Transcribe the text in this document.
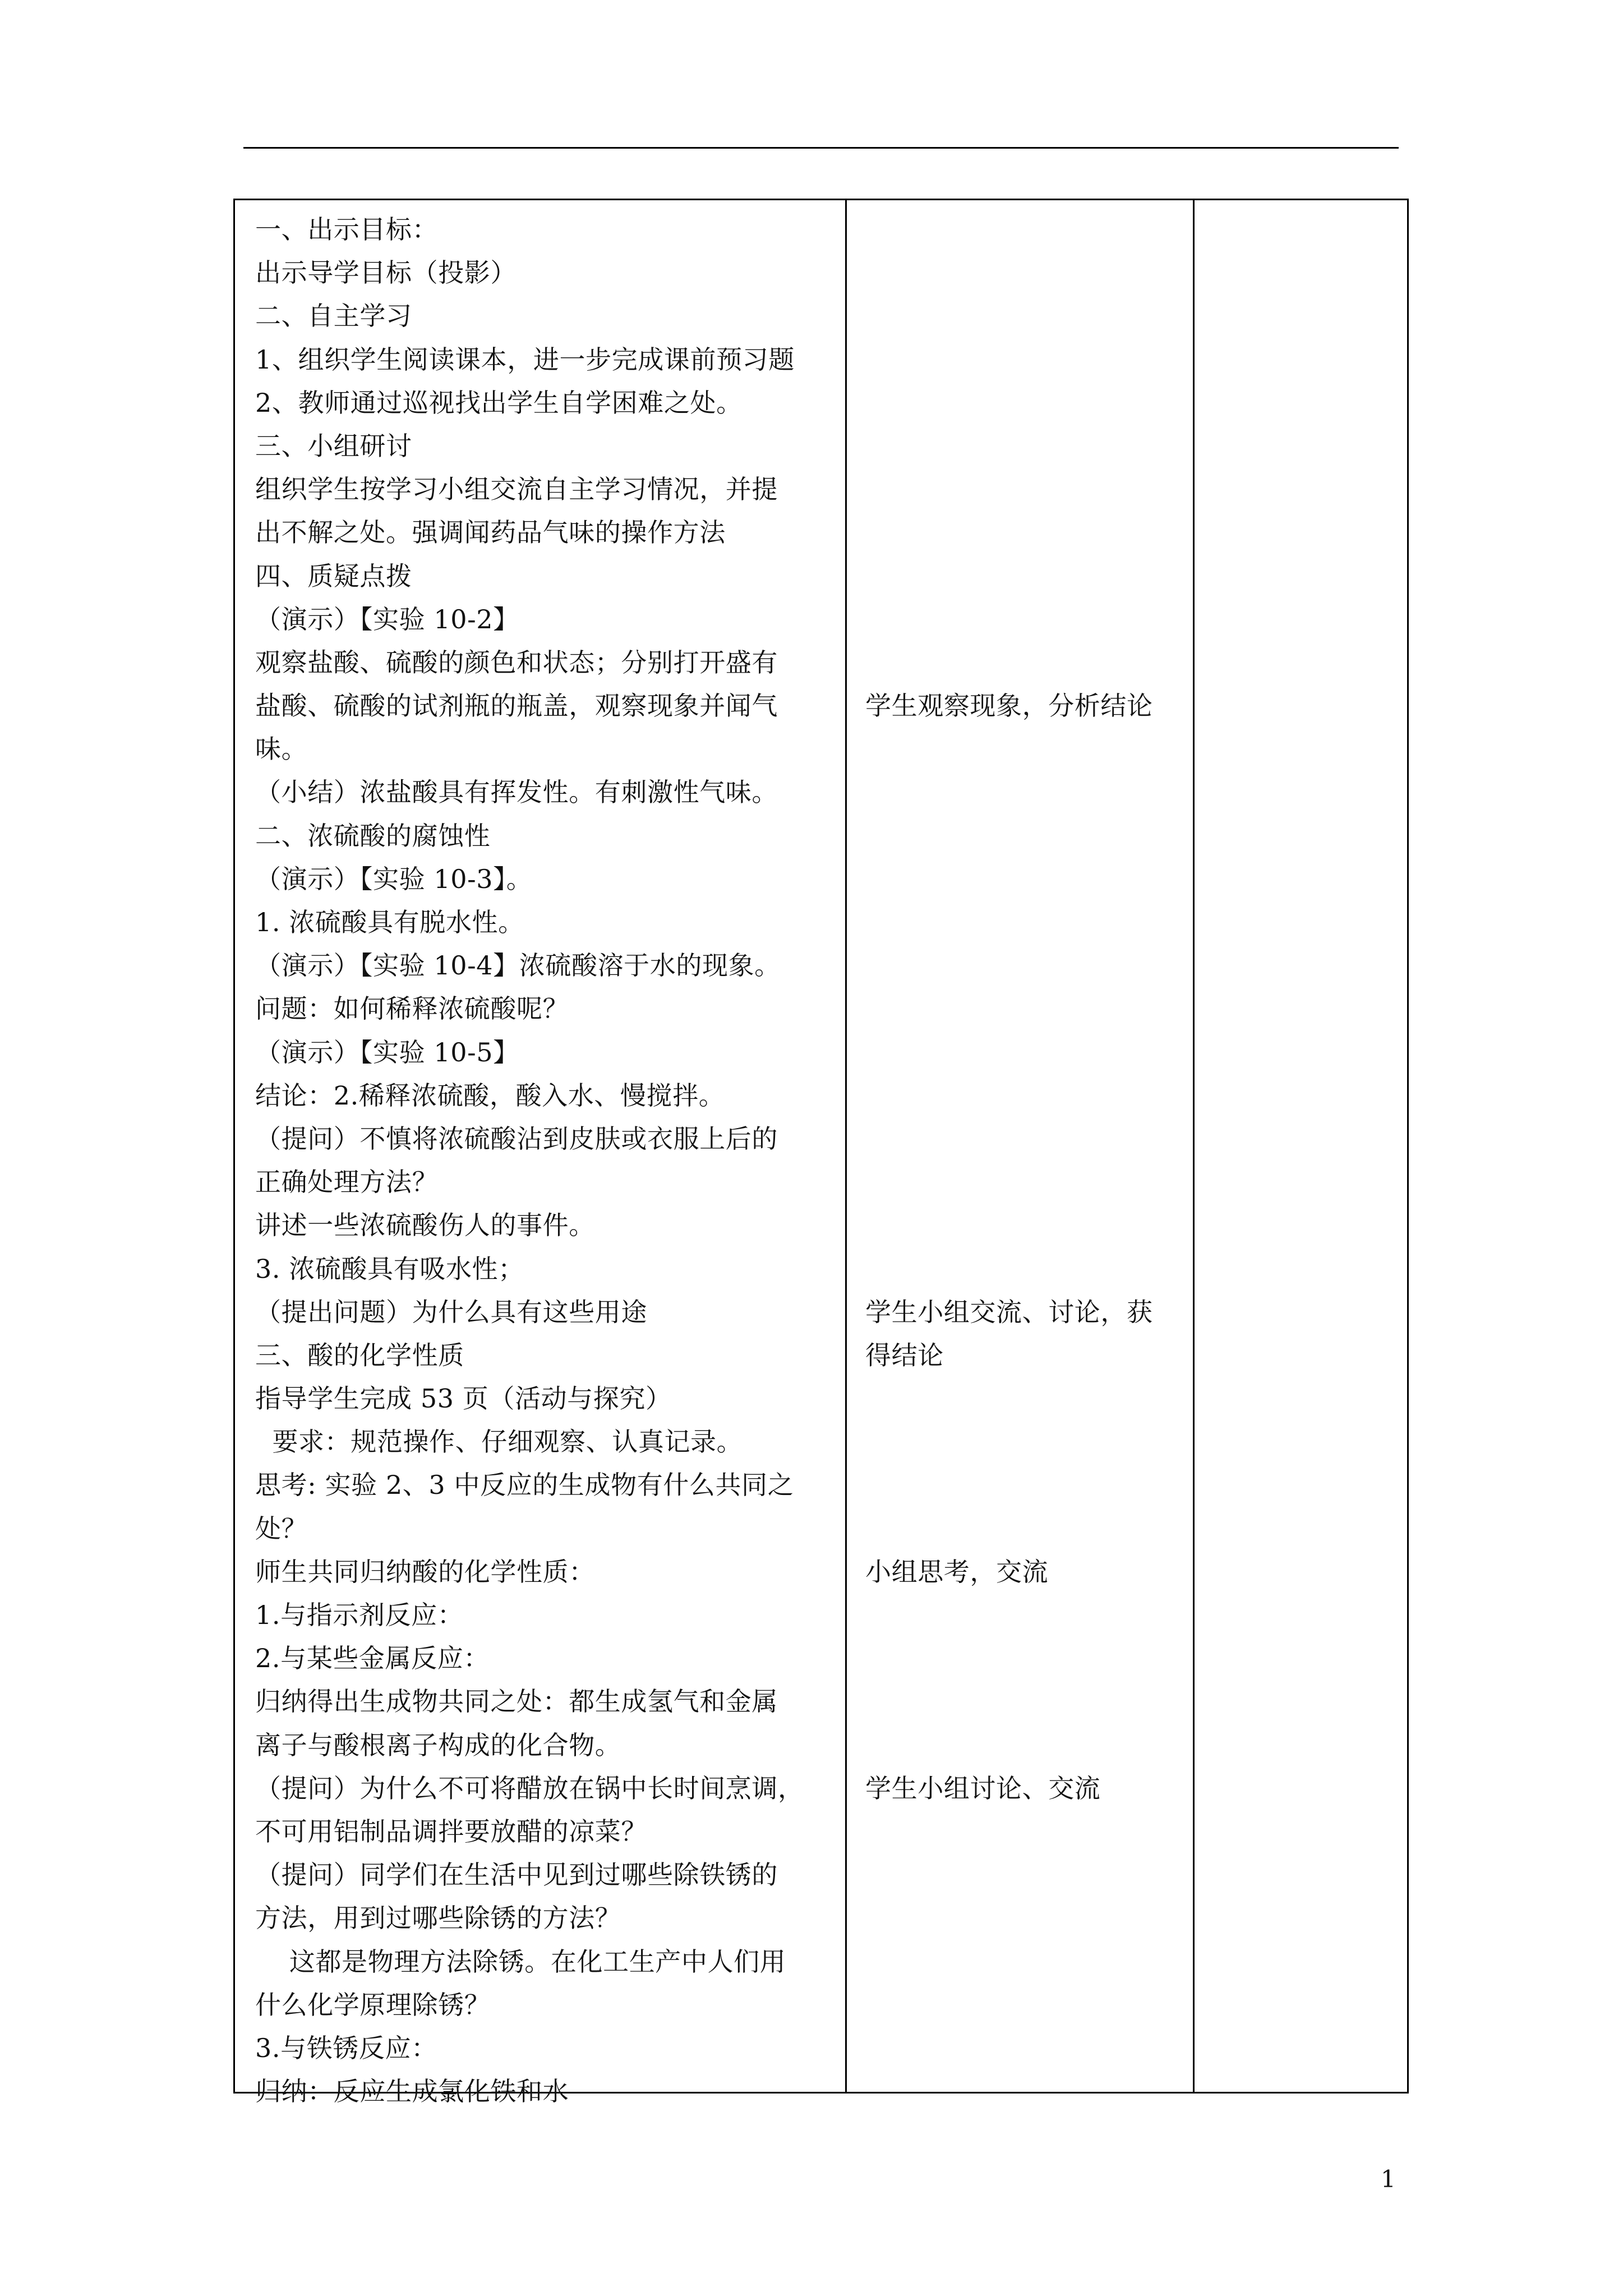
一、出示目标：
出示导学目标（投影）
二、自主学习
1、组织学生阅读课本，进一步完成课前预习题
2、教师通过巡视找出学生自学困难之处。
三、小组研讨
组织学生按学习小组交流自主学习情况，并提
出不解之处。强调闻药品气味的操作方法
四、质疑点拨
（演示）【实验 10-2】
观察盐酸、硫酸的颜色和状态；分别打开盛有
盐酸、硫酸的试剂瓶的瓶盖，观察现象并闻气
味。
（小结）浓盐酸具有挥发性。有刺激性气味。
二、浓硫酸的腐蚀性
（演示）【实验 10-3】。
1. 浓硫酸具有脱水性。
（演示）【实验 10-4】浓硫酸溶于水的现象。
问题：如何稀释浓硫酸呢？
（演示）【实验 10-5】
结论：2.稀释浓硫酸，酸入水、慢搅拌。
（提问）不慎将浓硫酸沾到皮肤或衣服上后的
正确处理方法？
讲述一些浓硫酸伤人的事件。
3. 浓硫酸具有吸水性；
（提出问题）为什么具有这些用途
三、酸的化学性质
指导学生完成 53 页（活动与探究）
要求：规范操作、仔细观察、认真记录。
思考: 实验 2、3 中反应的生成物有什么共同之
处？
师生共同归纳酸的化学性质：
1.与指示剂反应：
2.与某些金属反应：
归纳得出生成物共同之处：都生成氢气和金属
离子与酸根离子构成的化合物。
（提问）为什么不可将醋放在锅中长时间烹调，
不可用铝制品调拌要放醋的凉菜？
（提问）同学们在生活中见到过哪些除铁锈的
方法，用到过哪些除锈的方法？
这都是物理方法除锈。在化工生产中人们用
什么化学原理除锈？
3.与铁锈反应：
归纳：反应生成氯化铁和水
学生观察现象，分析结论
学生小组交流、讨论，获
得结论
小组思考，交流
学生小组讨论、交流
1
